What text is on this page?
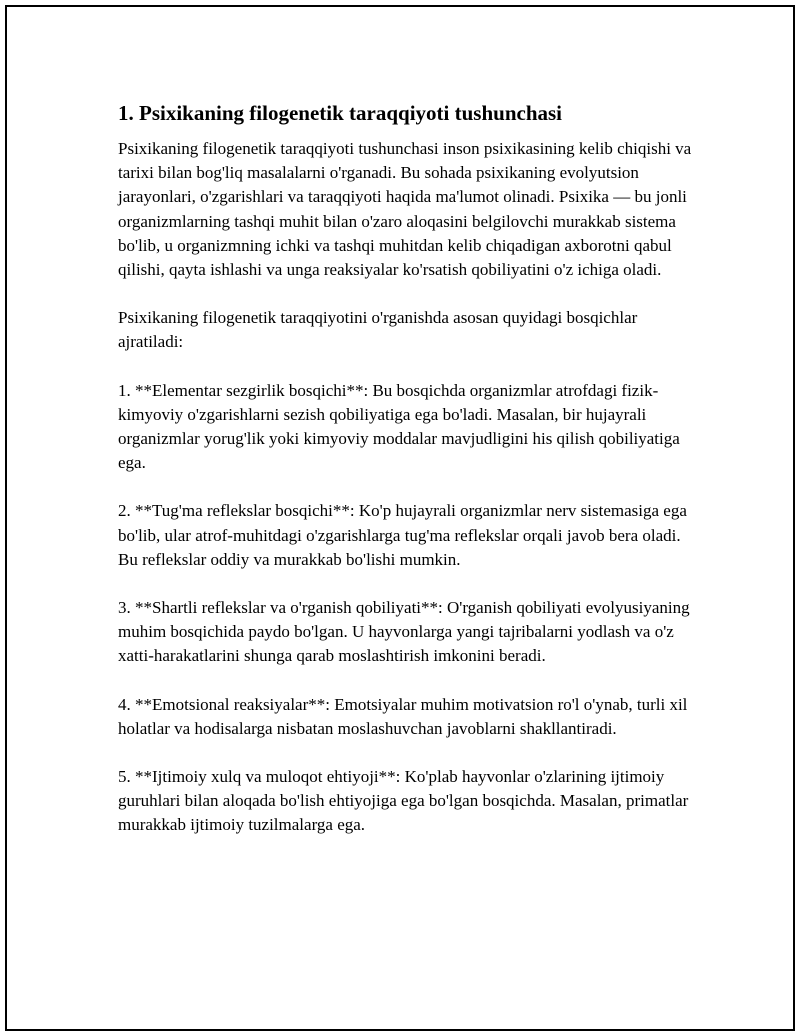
1. Psixikaning filogenetik taraqqiyoti tushunchasi

Psixikaning filogenetik taraqqiyoti tushunchasi inson psixikasining kelib chiqishi va tarixi bilan bog'liq masalalarni o'rganadi. Bu sohada psixikaning evolyutsion jarayonlari, o'zgarishlari va taraqqiyoti haqida ma'lumot olinadi. Psixika — bu jonli organizmlarning tashqi muhit bilan o'zaro aloqasini belgilovchi murakkab sistema bo'lib, u organizmning ichki va tashqi muhitdan kelib chiqadigan axborotni qabul qilishi, qayta ishlashi va unga reaksiyalar ko'rsatish qobiliyatini o'z ichiga oladi.

Psixikaning filogenetik taraqqiyotini o'rganishda asosan quyidagi bosqichlar ajratiladi:

1. **Elementar sezgirlik bosqichi**: Bu bosqichda organizmlar atrofdagi fizik-kimyoviy o'zgarishlarni sezish qobiliyatiga ega bo'ladi. Masalan, bir hujayrali organizmlar yorug'lik yoki kimyoviy moddalar mavjudligini his qilish qobiliyatiga ega.

2. **Tug'ma reflekslar bosqichi**: Ko'p hujayrali organizmlar nerv sistemasiga ega bo'lib, ular atrof-muhitdagi o'zgarishlarga tug'ma reflekslar orqali javob bera oladi. Bu reflekslar oddiy va murakkab bo'lishi mumkin.

3. **Shartli reflekslar va o'rganish qobiliyati**: O'rganish qobiliyati evolyusiyaning muhim bosqichida paydo bo'lgan. U hayvonlarga yangi tajribalarni yodlash va o'z xatti-harakatlarini shunga qarab moslashtirish imkonini beradi.

4. **Emotsional reaksiyalar**: Emotsiyalar muhim motivatsion ro'l o'ynab, turli xil holatlar va hodisalarga nisbatan moslashuvchan javoblarni shakllantiradi.

5. **Ijtimoiy xulq va muloqot ehtiyoji**: Ko'plab hayvonlar o'zlarining ijtimoiy guruhlari bilan aloqada bo'lish ehtiyojiga ega bo'lgan bosqichda. Masalan, primatlar murakkab ijtimoiy tuzilmalarga ega.
